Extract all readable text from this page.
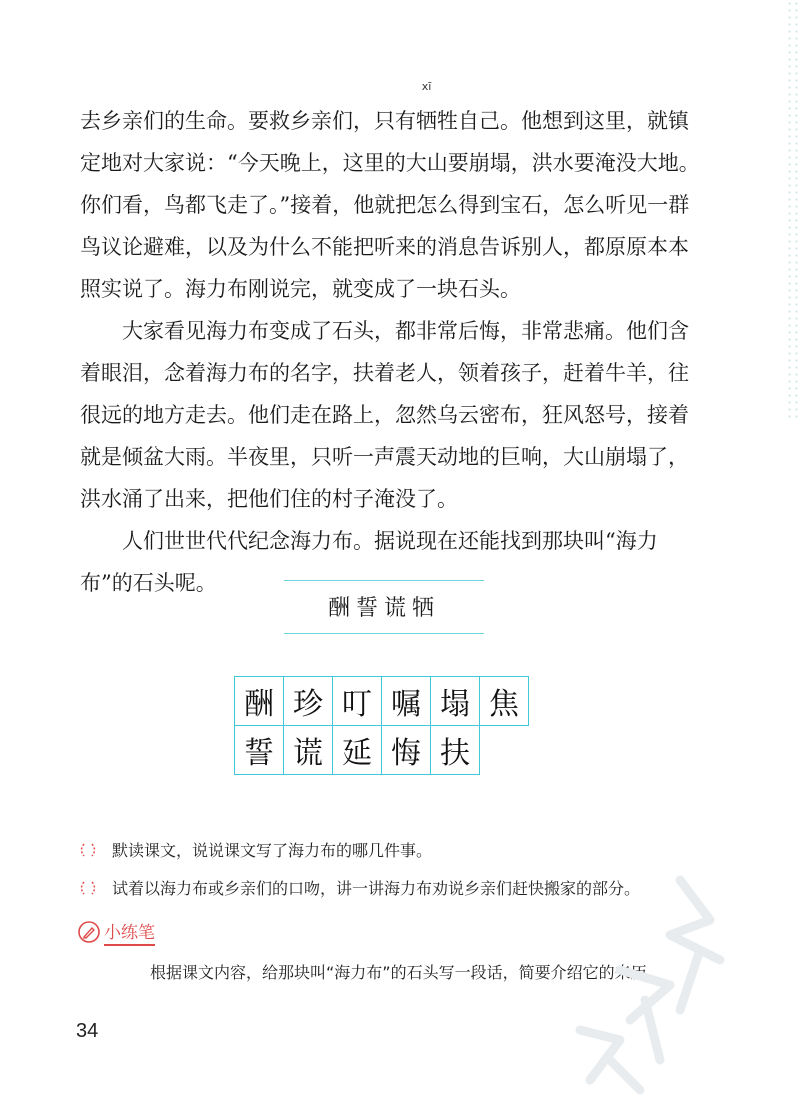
去乡亲们的生命。要救乡亲们，只有
xī
牺牲自己。他想到这里，就镇定地对大家说：“今天晚上，这里的大山要崩塌，洪水要淹没大地。你们看，鸟都飞走了。”接着，他就把怎么得到宝石，怎么听见一群鸟议论避难，以及为什么不能把听来的消息告诉别人，都原原本本照实说了。海力布刚说完，就变成了一块石头。

大家看见海力布变成了石头，都非常后悔，非常悲痛。他们含着眼泪，念着海力布的名字，扶着老人，领着孩子，赶着牛羊，往很远的地方走去。他们走在路上，忽然乌云密布，狂风怒号，接着就是倾盆大雨。半夜里，只听一声震天动地的巨响，大山崩塌了，洪水涌了出来，把他们住的村子淹没了。

人们世世代代纪念海力布。据说现在还能找到那块叫“海力布”的石头呢。

酬誓谎牺
酬 珍 叮 嘱 塌 焦
誓 谎 延 悔 扶
默读课文，说说课文写了海力布的哪几件事。
试着以海力布或乡亲们的口吻，讲一讲海力布劝说乡亲们赶快搬家的部分。
小练笔
根据课文内容，给那块叫“海力布”的石头写一段话，简要介绍它的来历。
34
